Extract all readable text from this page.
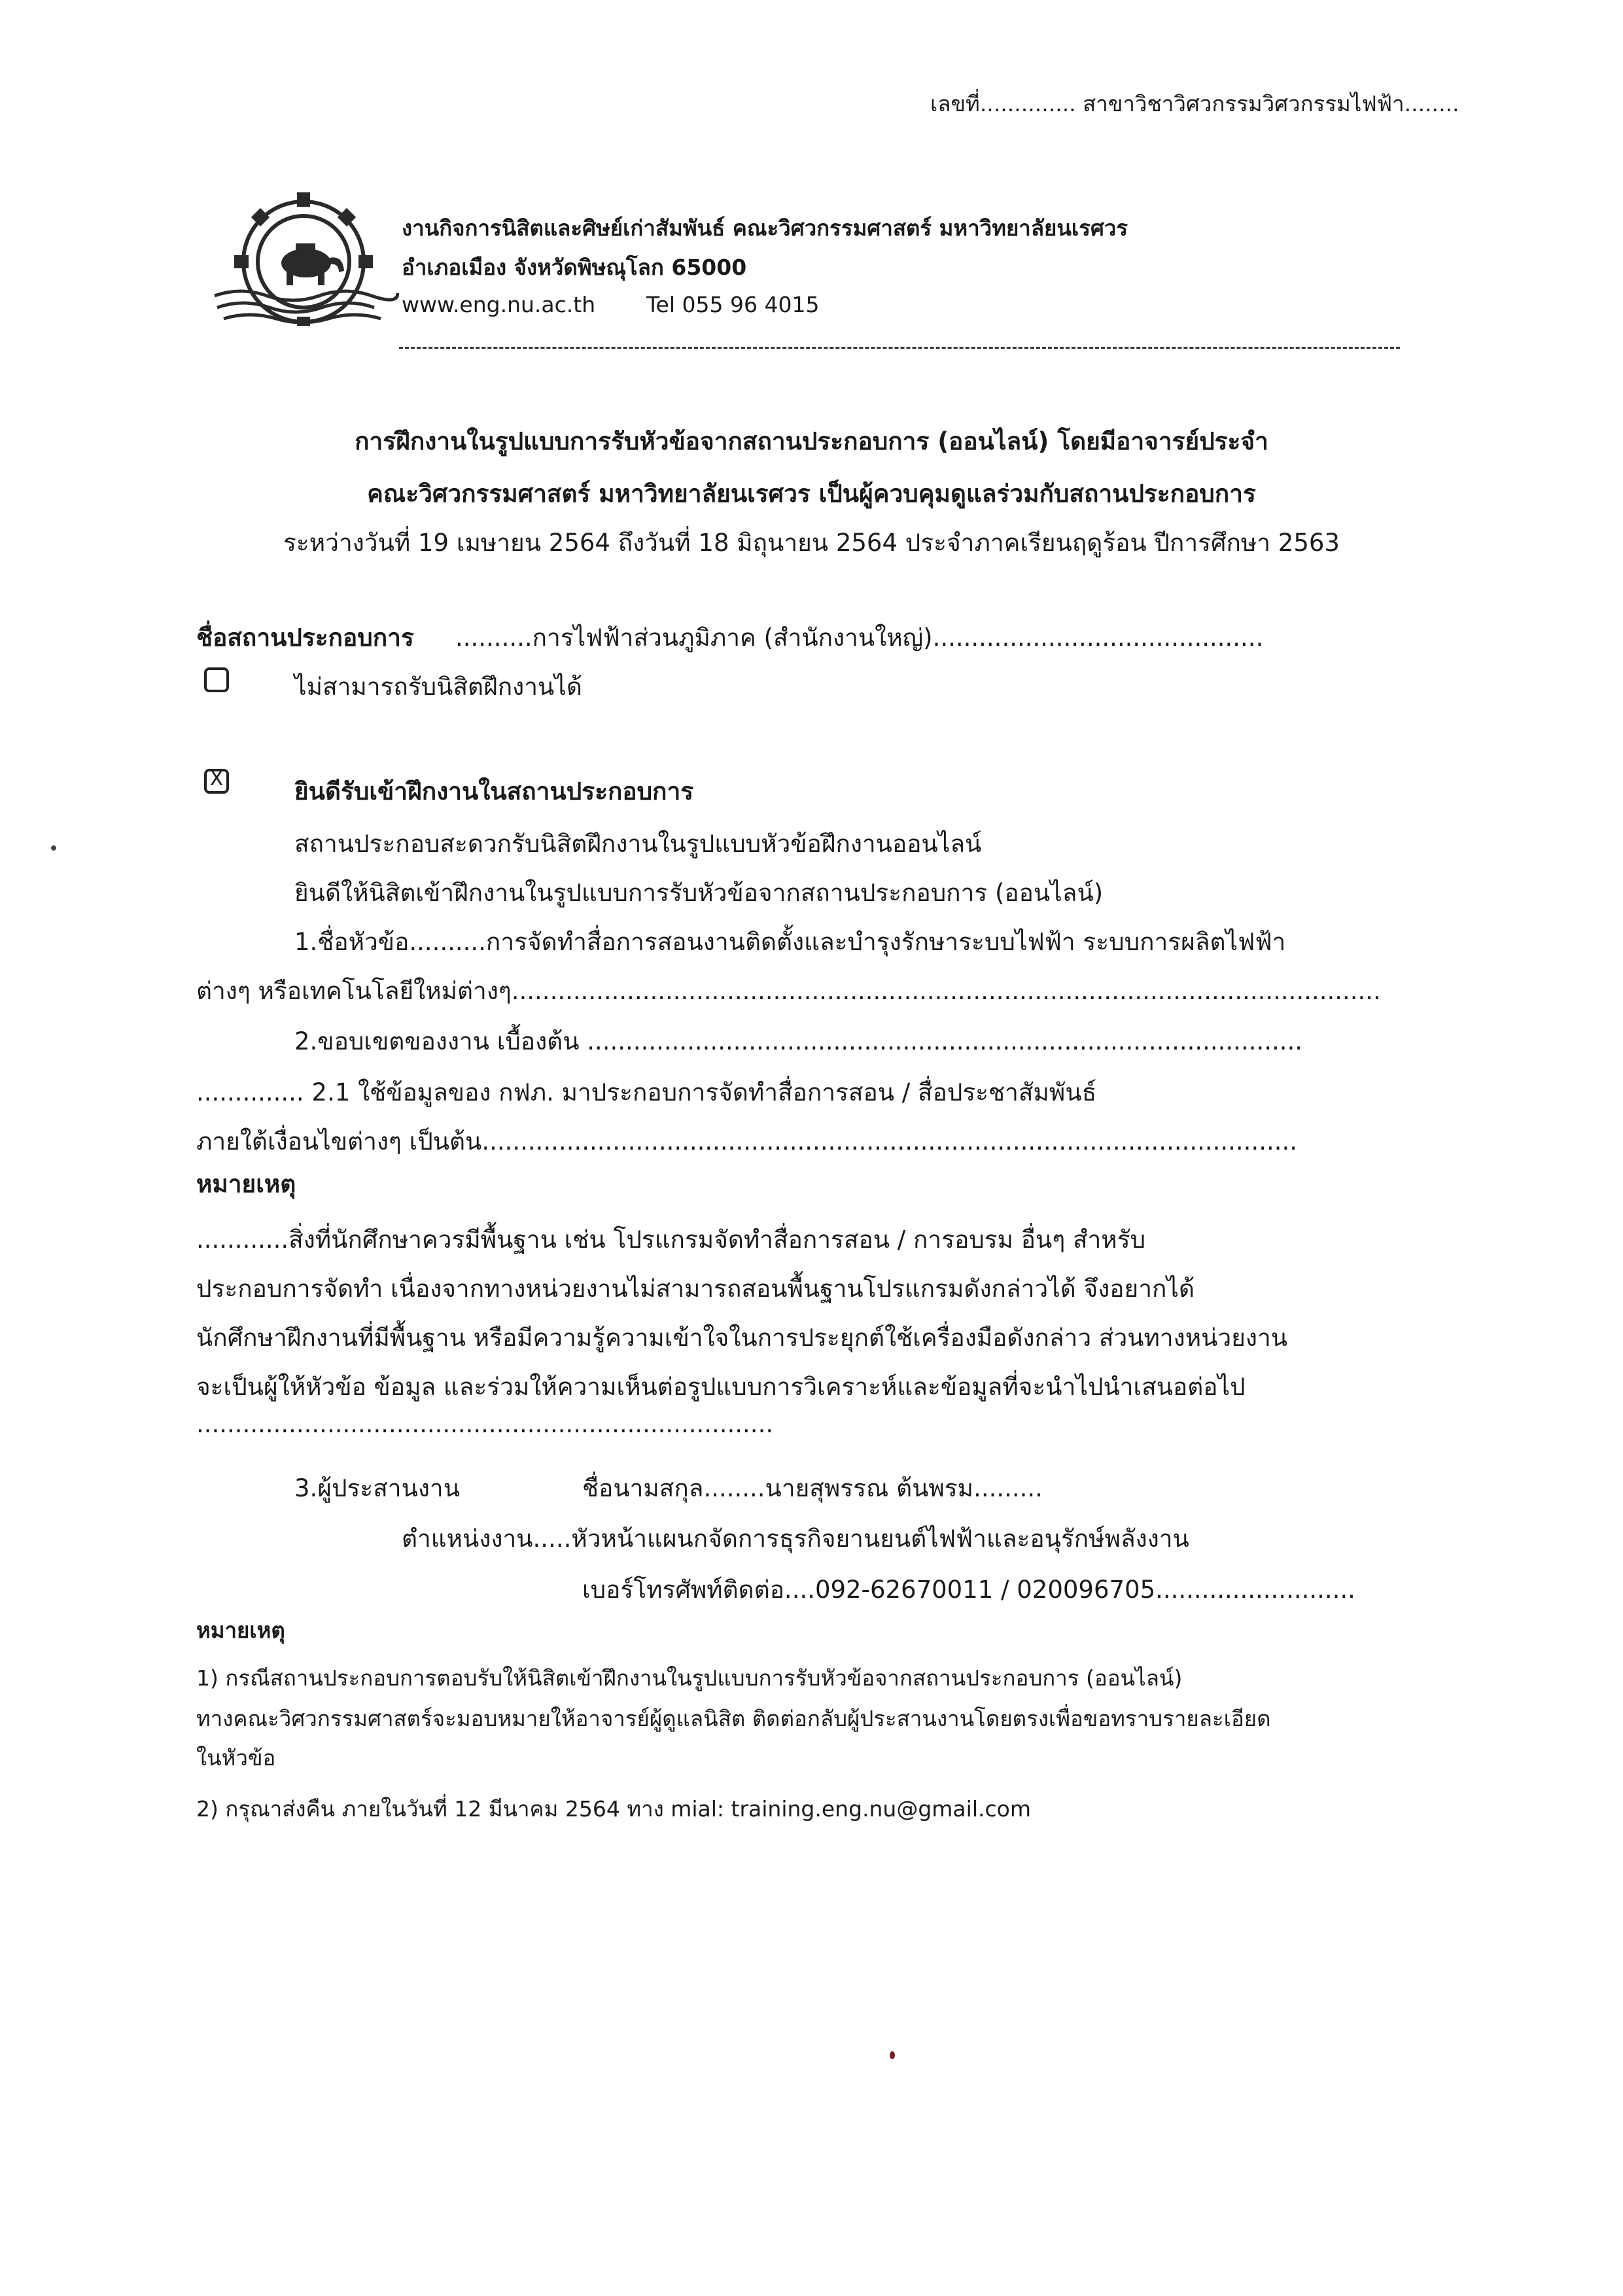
เลขที่.............. สาขาวิชาวิศวกรรมวิศวกรรมไฟฟ้า........
งานกิจการนิสิตและศิษย์เก่าสัมพันธ์ คณะวิศวกรรมศาสตร์ มหาวิทยาลัยนเรศวร
อำเภอเมือง จังหวัดพิษณุโลก 65000
www.eng.nu.ac.th Tel 055 96 4015
การฝึกงานในรูปแบบการรับหัวข้อจากสถานประกอบการ (ออนไลน์) โดยมีอาจารย์ประจำ
คณะวิศวกรรมศาสตร์ มหาวิทยาลัยนเรศวร เป็นผู้ควบคุมดูแลร่วมกับสถานประกอบการ
ระหว่างวันที่ 19 เมษายน 2564 ถึงวันที่ 18 มิถุนายน 2564 ประจำภาคเรียนฤดูร้อน ปีการศึกษา 2563
ชื่อสถานประกอบการ ..........การไฟฟ้าส่วนภูมิภาค (สำนักงานใหญ่)...........................................
ไม่สามารถรับนิสิตฝึกงานได้
X	ยินดีรับเข้าฝึกงานในสถานประกอบการ
สถานประกอบสะดวกรับนิสิตฝึกงานในรูปแบบหัวข้อฝึกงานออนไลน์
ยินดีให้นิสิตเข้าฝึกงานในรูปแบบการรับหัวข้อจากสถานประกอบการ (ออนไลน์)
1.ชื่อหัวข้อ..........การจัดทำสื่อการสอนงานติดตั้งและบำรุงรักษาระบบไฟฟ้า ระบบการผลิตไฟฟ้า
ต่างๆ หรือเทคโนโลยีใหม่ต่างๆ.................................................................................................................
2.ขอบเขตของงาน เบื้องต้น .............................................................................................
.............. 2.1 ใช้ข้อมูลของ กฟภ. มาประกอบการจัดทำสื่อการสอน / สื่อประชาสัมพันธ์
ภายใต้เงื่อนไขต่างๆ เป็นต้น..........................................................................................................
หมายเหตุ
............สิ่งที่นักศึกษาควรมีพื้นฐาน เช่น โปรแกรมจัดทำสื่อการสอน / การอบรม อื่นๆ สำหรับ
ประกอบการจัดทำ เนื่องจากทางหน่วยงานไม่สามารถสอนพื้นฐานโปรแกรมดังกล่าวได้ จึงอยากได้
นักศึกษาฝึกงานที่มีพื้นฐาน หรือมีความรู้ความเข้าใจในการประยุกต์ใช้เครื่องมือดังกล่าว ส่วนทางหน่วยงาน
จะเป็นผู้ให้หัวข้อ ข้อมูล และร่วมให้ความเห็นต่อรูปแบบการวิเคราะห์และข้อมูลที่จะนำไปนำเสนอต่อไป
...........................................................................
3.ผู้ประสานงาน	ชื่อนามสกุล........นายสุพรรณ ต้นพรม.........
ตำแหน่งงาน.....หัวหน้าแผนกจัดการธุรกิจยานยนต์ไฟฟ้าและอนุรักษ์พลังงาน
เบอร์โทรศัพท์ติดต่อ....092-62670011 / 020096705..........................
หมายเหตุ
1) กรณีสถานประกอบการตอบรับให้นิสิตเข้าฝึกงานในรูปแบบการรับหัวข้อจากสถานประกอบการ (ออนไลน์)
ทางคณะวิศวกรรมศาสตร์จะมอบหมายให้อาจารย์ผู้ดูแลนิสิต ติดต่อกลับผู้ประสานงานโดยตรงเพื่อขอทราบรายละเอียด
ในหัวข้อ
2) กรุณาส่งคืน ภายในวันที่ 12 มีนาคม 2564 ทาง mial: training.eng.nu@gmail.com
